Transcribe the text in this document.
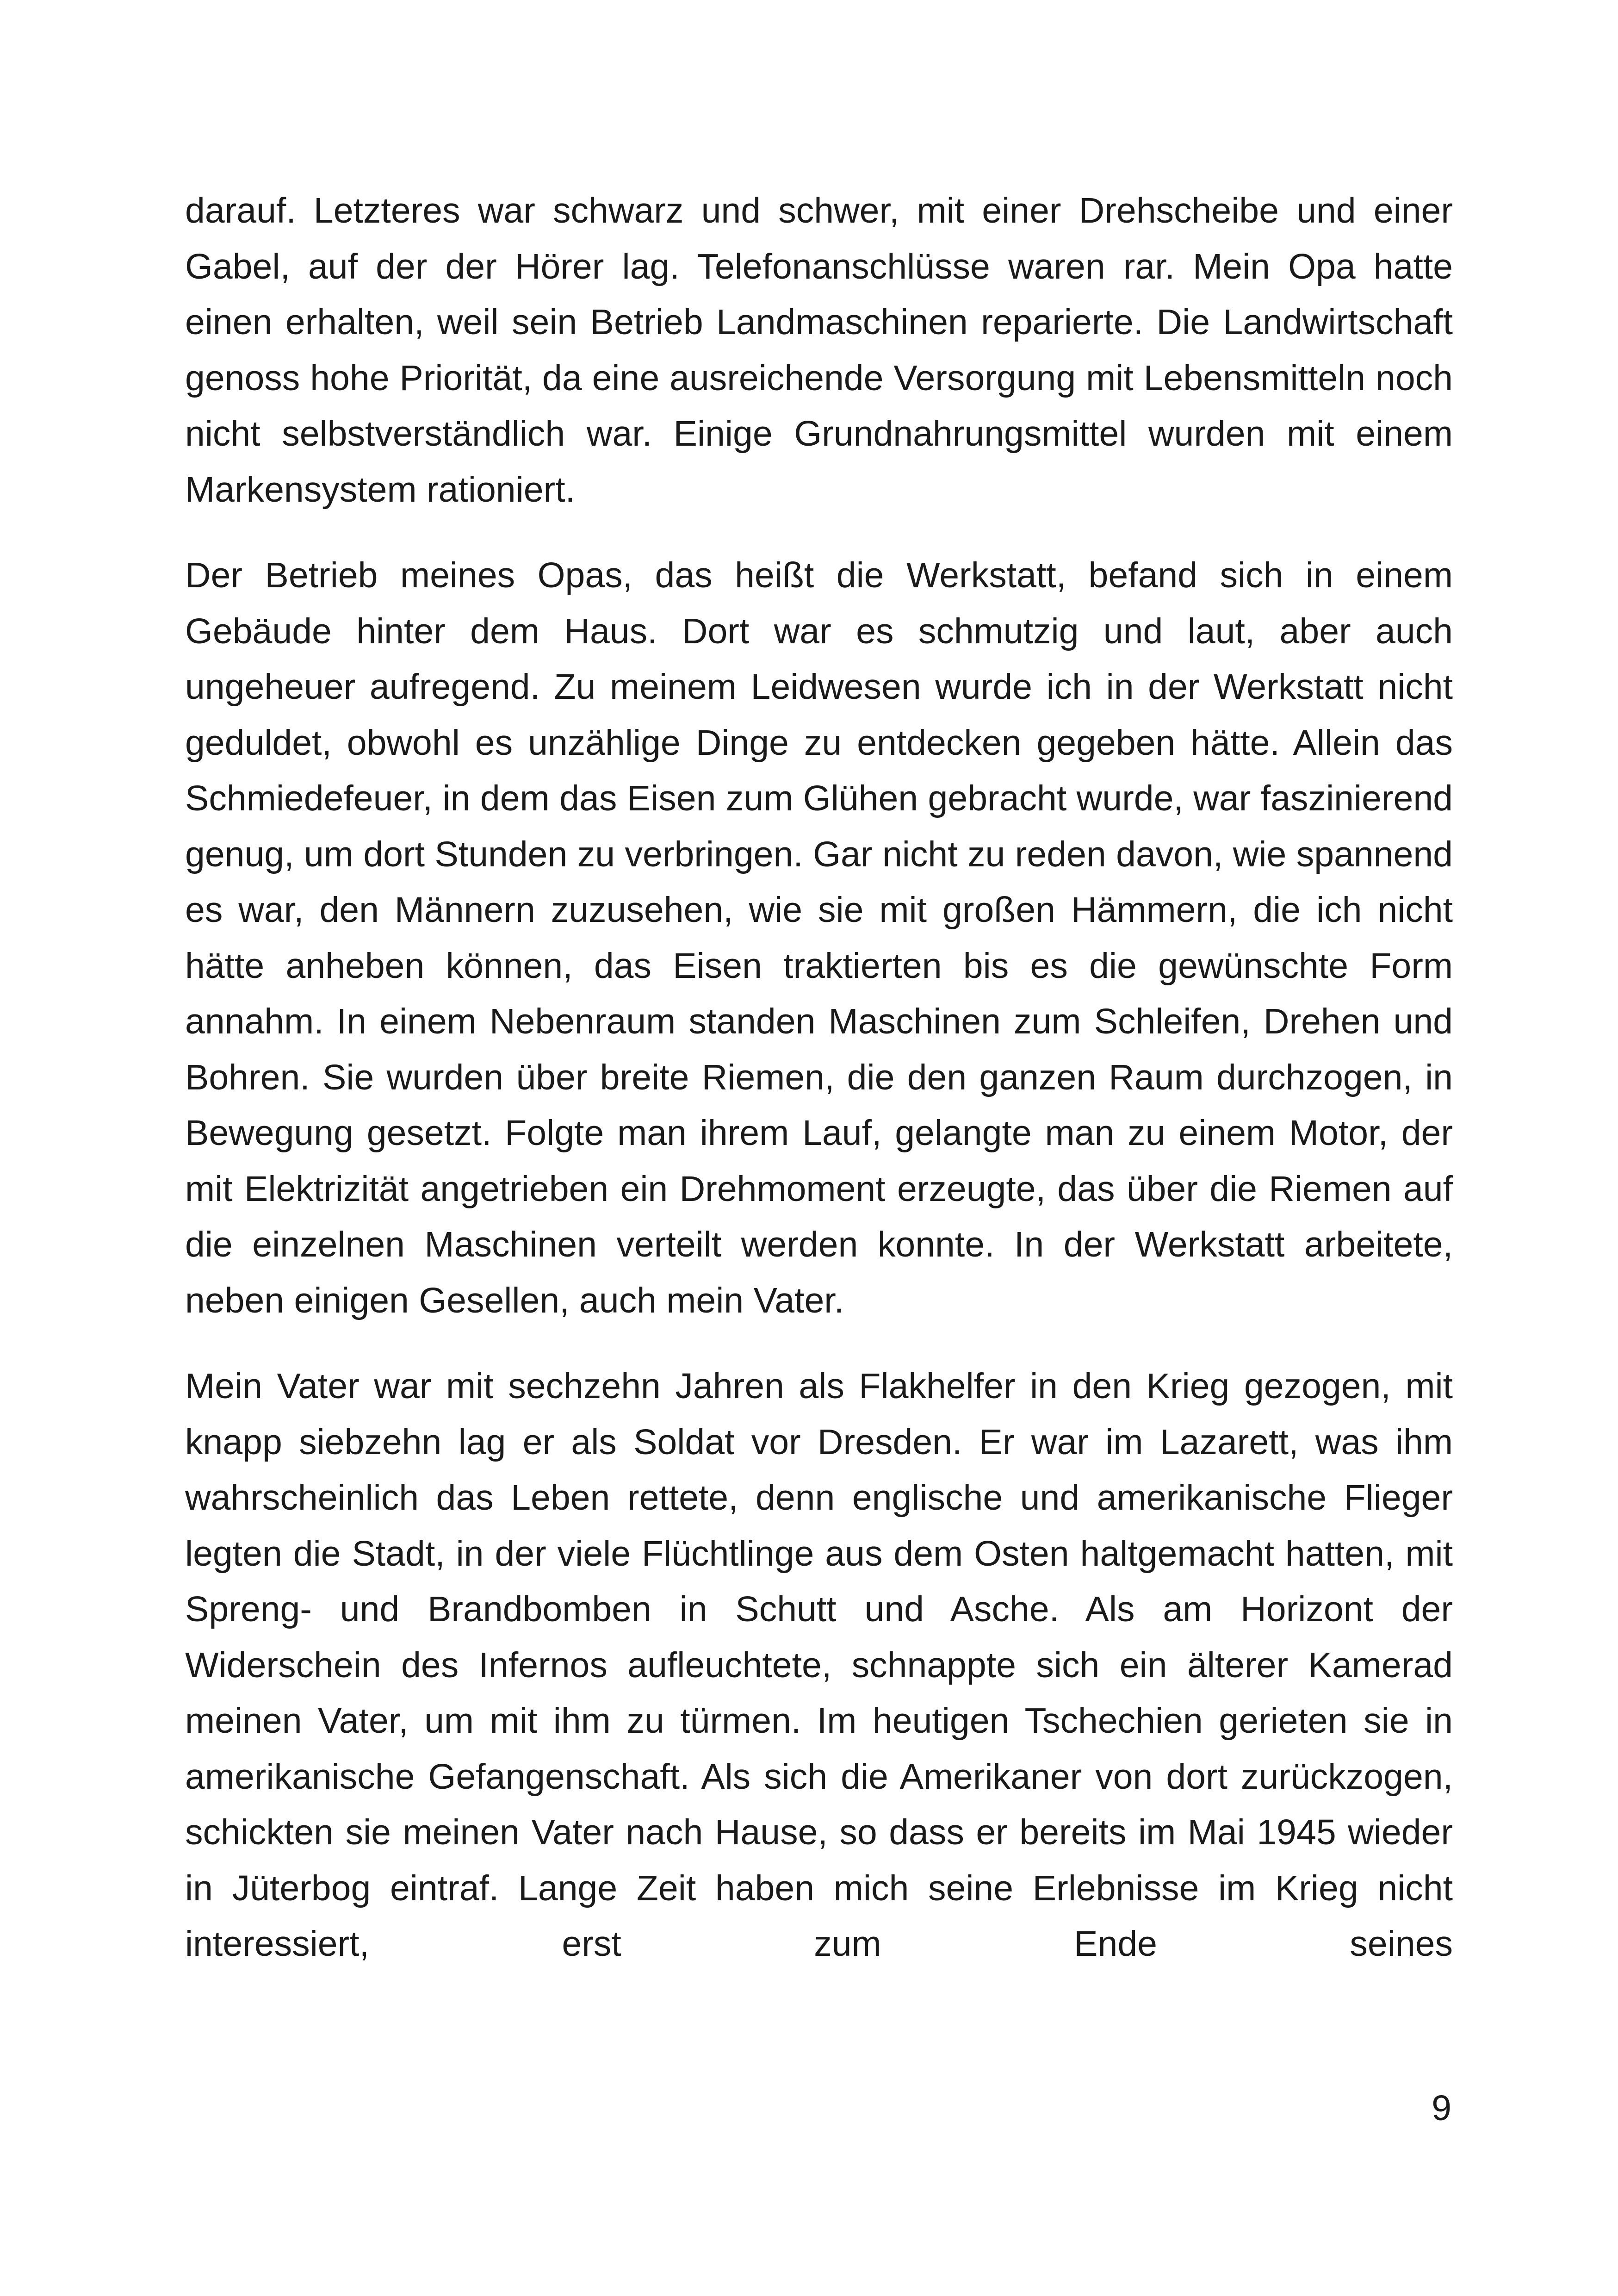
darauf. Letzteres war schwarz und schwer, mit einer Drehscheibe und einer Gabel, auf der der Hörer lag. Telefonanschlüsse waren rar. Mein Opa hatte einen erhalten, weil sein Betrieb Landmaschinen reparierte. Die Landwirtschaft genoss hohe Priorität, da eine ausreichende Versorgung mit Lebensmitteln noch nicht selbstverständlich war. Einige Grundnahrungsmittel wurden mit einem Markensystem rationiert.

Der Betrieb meines Opas, das heißt die Werkstatt, befand sich in einem Gebäude hinter dem Haus. Dort war es schmutzig und laut, aber auch ungeheuer aufregend. Zu meinem Leidwesen wurde ich in der Werkstatt nicht geduldet, obwohl es unzählige Dinge zu entdecken gegeben hätte. Allein das Schmiedefeuer, in dem das Eisen zum Glühen gebracht wurde, war faszinierend genug, um dort Stunden zu verbringen. Gar nicht zu reden davon, wie spannend es war, den Männern zuzusehen, wie sie mit großen Hämmern, die ich nicht hätte anheben können, das Eisen traktierten bis es die gewünschte Form annahm. In einem Nebenraum standen Maschinen zum Schleifen, Drehen und Bohren. Sie wurden über breite Riemen, die den ganzen Raum durchzogen, in Bewegung gesetzt. Folgte man ihrem Lauf, gelangte man zu einem Motor, der mit Elektrizität angetrieben ein Drehmoment erzeugte, das über die Riemen auf die einzelnen Maschinen verteilt werden konnte. In der Werkstatt arbeitete, neben einigen Gesellen, auch mein Vater.

Mein Vater war mit sechzehn Jahren als Flakhelfer in den Krieg gezogen, mit knapp siebzehn lag er als Soldat vor Dresden. Er war im Lazarett, was ihm wahrscheinlich das Leben rettete, denn englische und amerikanische Flieger legten die Stadt, in der viele Flüchtlinge aus dem Osten haltgemacht hatten, mit Spreng- und Brandbomben in Schutt und Asche. Als am Horizont der Widerschein des Infernos aufleuchtete, schnappte sich ein älterer Kamerad meinen Vater, um mit ihm zu türmen. Im heutigen Tschechien gerieten sie in amerikanische Gefangenschaft. Als sich die Amerikaner von dort zurückzogen, schickten sie meinen Vater nach Hause, so dass er bereits im Mai 1945 wieder in Jüterbog eintraf. Lange Zeit haben mich seine Erlebnisse im Krieg nicht interessiert, erst zum Ende seines

9
